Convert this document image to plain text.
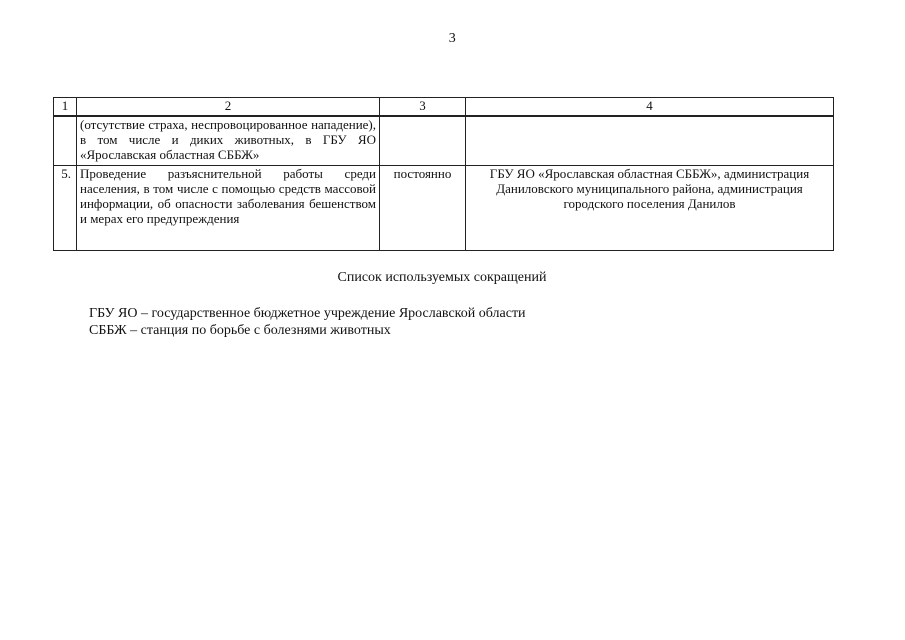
3
1	2	3	4
	(отсутствие страха, неспровоцированное нападение), в том числе и диких животных, в ГБУ ЯО «Ярославская областная СББЖ»		
5.	Проведение разъяснительной работы среди населения, в том числе с помощью средств массовой информации, об опасности заболевания бешенством и мерах его предупреждения	постоянно	ГБУ ЯО «Ярославская областная СББЖ», администрация Даниловского муниципального района, администрация городского поселения Данилов
Список используемых сокращений
ГБУ ЯО – государственное бюджетное учреждение Ярославской области
СББЖ – станция по борьбе с болезнями животных
